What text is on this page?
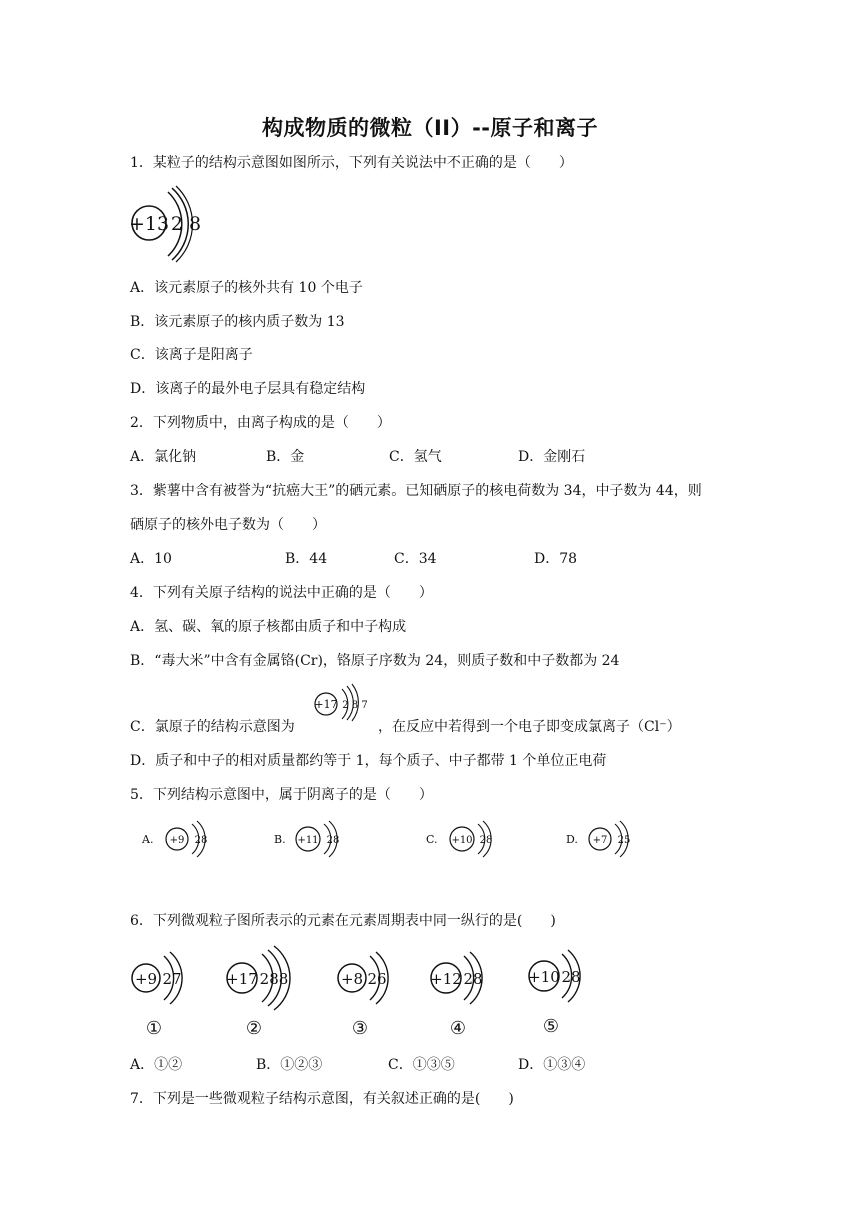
构成物质的微粒（II）--原子和离子
1．某粒子的结构示意图如图所示，下列有关说法中不正确的是（　　）
+13 2 8
A．该元素原子的核外共有 10 个电子
B．该元素原子的核内质子数为 13
C．该离子是阳离子
D．该离子的最外电子层具有稳定结构
2．下列物质中，由离子构成的是（　　）
A．氯化钠	B．金	C．氢气	D．金刚石
3．紫薯中含有被誉为“抗癌大王”的硒元素。已知硒原子的核电荷数为 34，中子数为 44，则
硒原子的核外电子数为（　　）
A．10	B．44	C．34	D．78
4．下列有关原子结构的说法中正确的是（　　）
A．氢、碳、氧的原子核都由质子和中子构成
B．“毒大米”中含有金属铬(Cr)，铬原子序数为 24，则质子数和中子数都为 24
C．氯原子的结构示意图为
+17 2 8 7
，在反应中若得到一个电子即变成氯离子（Cl⁻）
D．质子和中子的相对质量都约等于 1，每个质子、中子都带 1 个单位正电荷
5．下列结构示意图中，属于阴离子的是（　　）
A. +9 28	B. +11 28	C. +10 28	D. +7 25
6．下列微观粒子图所表示的元素在元素周期表中同一纵行的是(　　)
+9 27
①
+17 288
②
+8 26
③
+12 28
④
+10 28
⑤
A．①②	B．①②③	C．①③⑤	D．①③④
7．下列是一些微观粒子结构示意图，有关叙述正确的是(　　)
